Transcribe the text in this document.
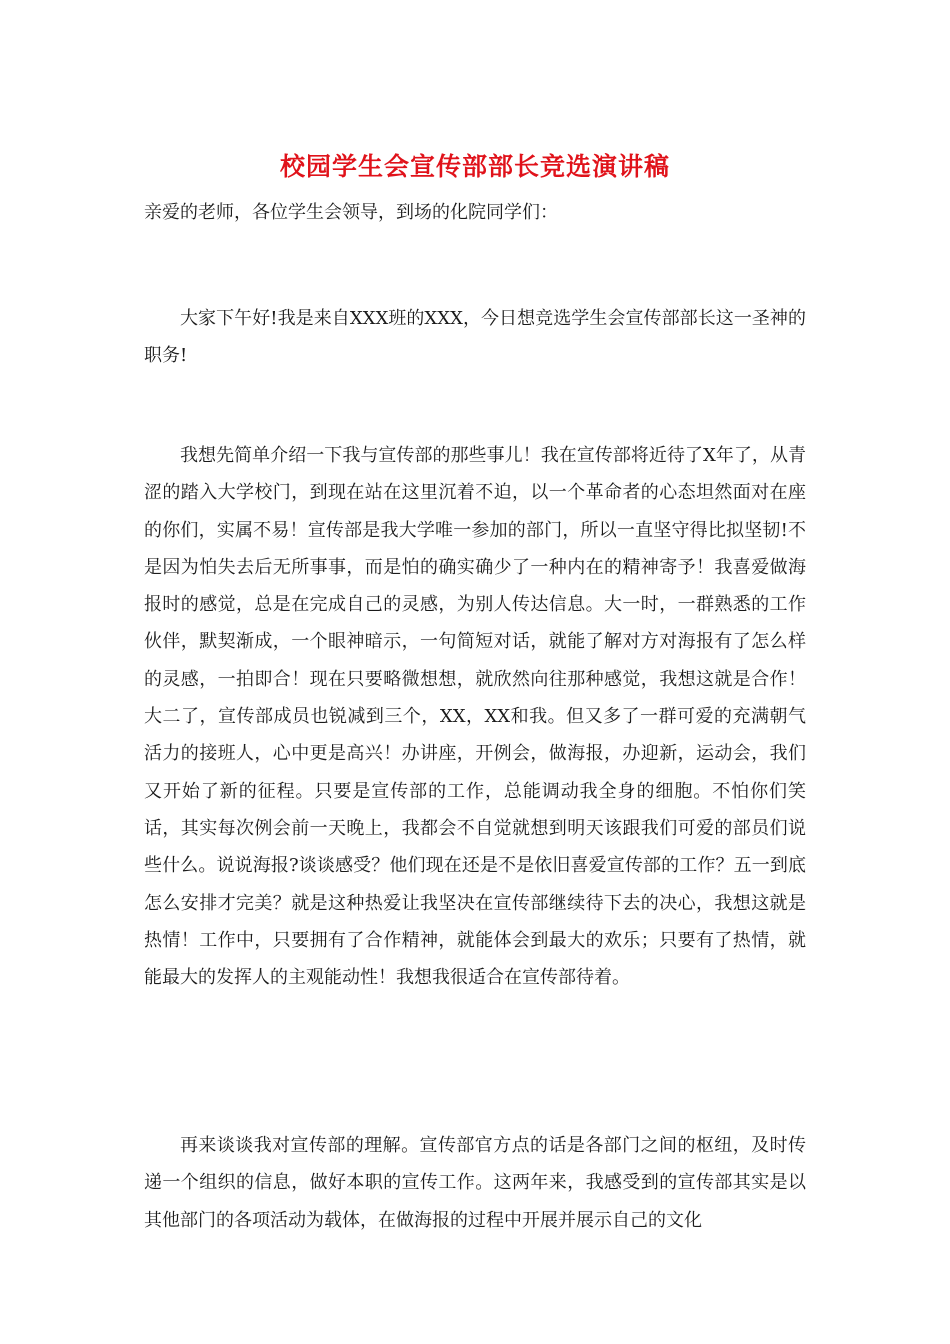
校园学生会宣传部部长竞选演讲稿
亲爱的老师，各位学生会领导，到场的化院同学们：

大家下午好!我是来自XXX班的XXX，今日想竞选学生会宣传部部长这一圣神的职务!

我想先简单介绍一下我与宣传部的那些事儿！我在宣传部将近待了X年了，从青涩的踏入大学校门，到现在站在这里沉着不迫，以一个革命者的心态坦然面对在座的你们，实属不易！宣传部是我大学唯一参加的部门，所以一直坚守得比拟坚韧!不是因为怕失去后无所事事，而是怕的确实确少了一种内在的精神寄予！我喜爱做海报时的感觉，总是在完成自己的灵感，为别人传达信息。大一时，一群熟悉的工作伙伴，默契渐成，一个眼神暗示，一句简短对话，就能了解对方对海报有了怎么样的灵感，一拍即合！现在只要略微想想，就欣然向往那种感觉，我想这就是合作！大二了，宣传部成员也锐减到三个，XX，XX和我。但又多了一群可爱的充满朝气活力的接班人，心中更是高兴！办讲座，开例会，做海报，办迎新，运动会，我们又开始了新的征程。只要是宣传部的工作，总能调动我全身的细胞。不怕你们笑话，其实每次例会前一天晚上，我都会不自觉就想到明天该跟我们可爱的部员们说些什么。说说海报?谈谈感受？他们现在还是不是依旧喜爱宣传部的工作？五一到底怎么安排才完美？就是这种热爱让我坚决在宣传部继续待下去的决心，我想这就是热情！工作中，只要拥有了合作精神，就能体会到最大的欢乐；只要有了热情，就能最大的发挥人的主观能动性！我想我很适合在宣传部待着。

再来谈谈我对宣传部的理解。宣传部官方点的话是各部门之间的枢纽，及时传递一个组织的信息，做好本职的宣传工作。这两年来，我感受到的宣传部其实是以其他部门的各项活动为载体，在做海报的过程中开展并展示自己的文化
